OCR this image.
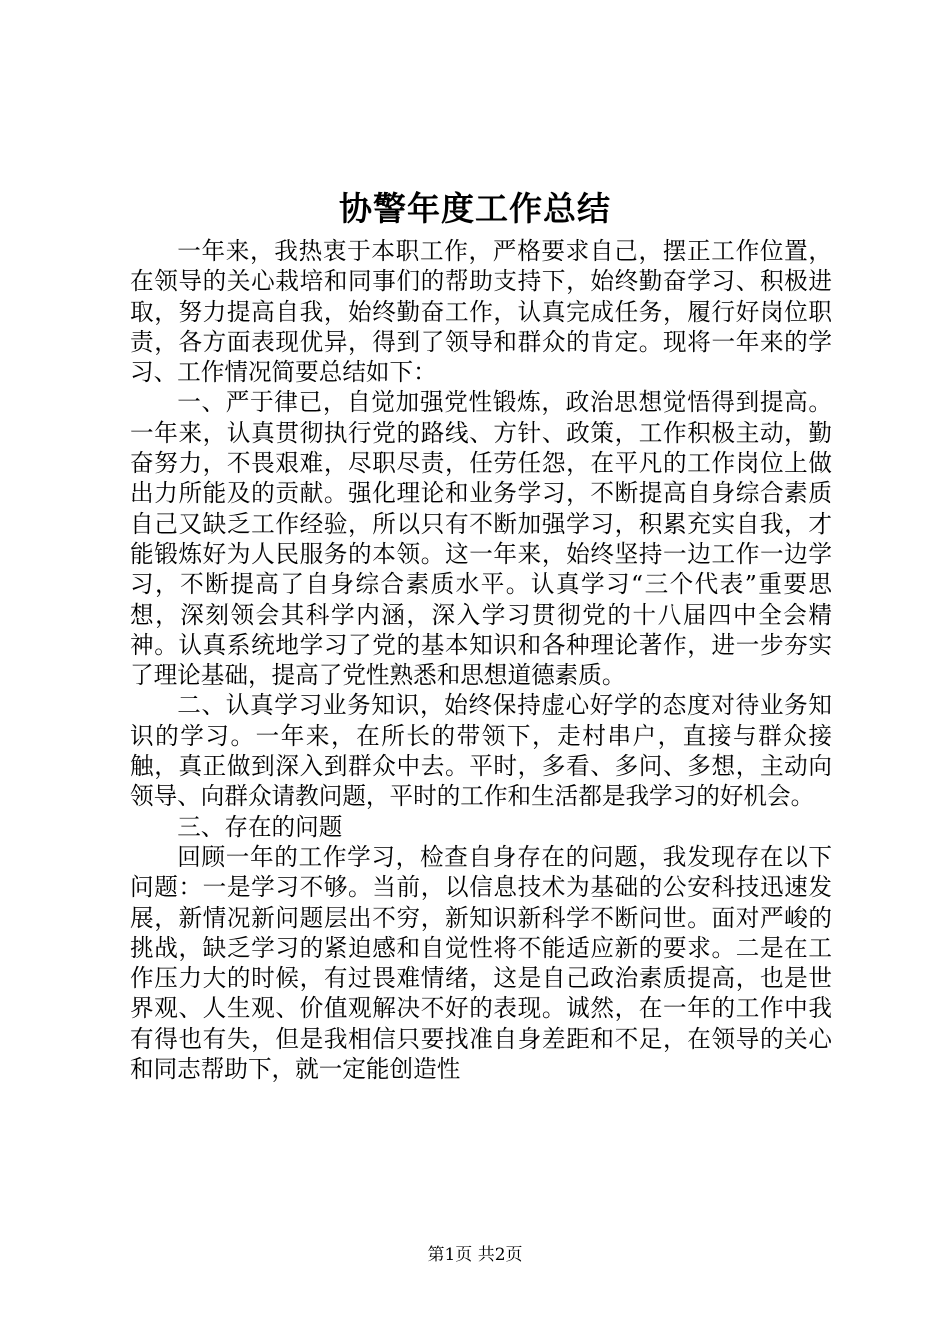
协警年度工作总结

一年来，我热衷于本职工作，严格要求自己，摆正工作位置，在领导的关心栽培和同事们的帮助支持下，始终勤奋学习、积极进取，努力提高自我，始终勤奋工作，认真完成任务，履行好岗位职责，各方面表现优异，得到了领导和群众的肯定。现将一年来的学习、工作情况简要总结如下：

一、严于律已，自觉加强党性锻炼，政治思想觉悟得到提高。一年来，认真贯彻执行党的路线、方针、政策，工作积极主动，勤奋努力，不畏艰难，尽职尽责，任劳任怨，在平凡的工作岗位上做出力所能及的贡献。强化理论和业务学习，不断提高自身综合素质自己又缺乏工作经验，所以只有不断加强学习，积累充实自我，才能锻炼好为人民服务的本领。这一年来，始终坚持一边工作一边学习，不断提高了自身综合素质水平。认真学习“三个代表”重要思想，深刻领会其科学内涵，深入学习贯彻党的十八届四中全会精神。认真系统地学习了党的基本知识和各种理论著作，进一步夯实了理论基础，提高了党性熟悉和思想道德素质。

二、认真学习业务知识，始终保持虚心好学的态度对待业务知识的学习。一年来，在所长的带领下，走村串户，直接与群众接触，真正做到深入到群众中去。平时，多看、多问、多想，主动向领导、向群众请教问题，平时的工作和生活都是我学习的好机会。

三、存在的问题

回顾一年的工作学习，检查自身存在的问题，我发现存在以下问题：一是学习不够。当前，以信息技术为基础的公安科技迅速发展，新情况新问题层出不穷，新知识新科学不断问世。面对严峻的挑战，缺乏学习的紧迫感和自觉性将不能适应新的要求。二是在工作压力大的时候，有过畏难情绪，这是自己政治素质提高，也是世界观、人生观、价值观解决不好的表现。诚然，在一年的工作中我有得也有失，但是我相信只要找准自身差距和不足，在领导的关心和同志帮助下，就一定能创造性

第1页 共2页
